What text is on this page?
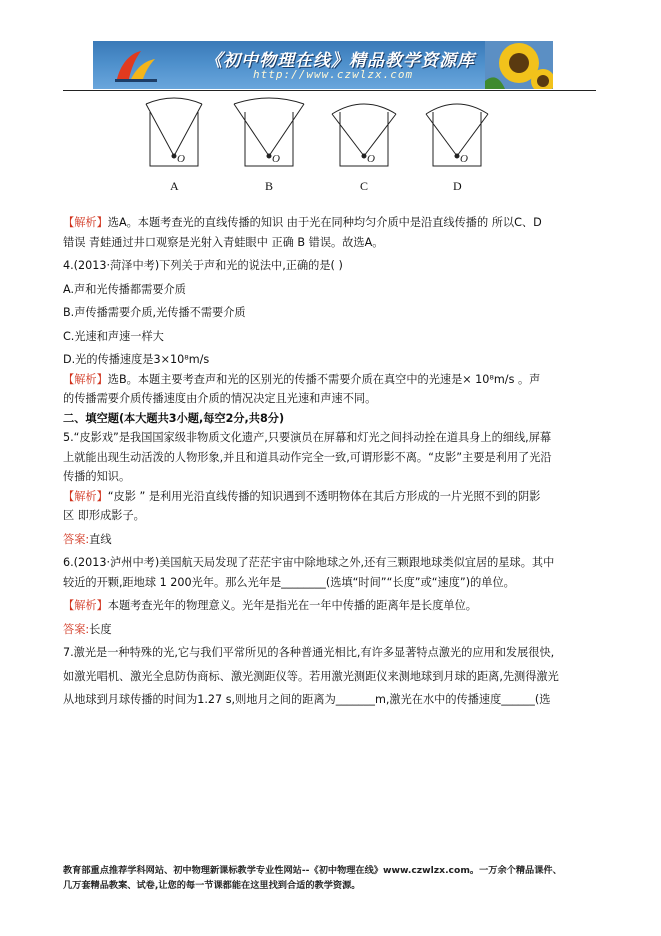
《初中物理在线》精品教学资源库
http://www.czwlzx.com
O	O	O	O
A	B	C	D

【解析】选A。本题考查光的直线传播的知识 由于光在同种均匀介质中是沿直线传播的 所以C、D

错误 青蛙通过井口观察是光射入青蛙眼中 正确 B 错误。故选A。

4.(2013·菏泽中考)下列关于声和光的说法中,正确的是( )

A.声和光传播都需要介质

B.声传播需要介质,光传播不需要介质

C.光速和声速一样大

D.光的传播速度是3×10⁸m/s

【解析】选B。本题主要考查声和光的区别光的传播不需要介质在真空中的光速是× 10⁸m/s 。声

的传播需要介质传播速度由介质的情况决定且光速和声速不同。

二、填空题(本大题共3小题,每空2分,共8分)

5.“皮影戏”是我国国家级非物质文化遗产,只要演员在屏幕和灯光之间抖动拴在道具身上的细线,屏幕

上就能出现生动活泼的人物形象,并且和道具动作完全一致,可谓形影不离。“皮影”主要是利用了光沿

传播的知识。

【解析】“皮影 ” 是利用光沿直线传播的知识遇到不透明物体在其后方形成的一片光照不到的阴影

区 即形成影子。

答案:直线

6.(2013·泸州中考)美国航天局发现了茫茫宇宙中除地球之外,还有三颗跟地球类似宜居的星球。其中

较近的开颗,距地球 1 200光年。那么光年是________(选填“时间”“长度”或“速度”)的单位。

【解析】本题考查光年的物理意义。光年是指光在一年中传播的距离年是长度单位。

答案:长度

7.激光是一种特殊的光,它与我们平常所见的各种普通光相比,有许多显著特点激光的应用和发展很快,

如激光唱机、激光全息防伪商标、激光测距仪等。若用激光测距仪来测地球到月球的距离,先测得激光

从地球到月球传播的时间为1.27 s,则地月之间的距离为_______m,激光在水中的传播速度______(选

教育部重点推荐学科网站、初中物理新课标教学专业性网站--《初中物理在线》www.czwlzx.com。一万余个精品课件、
几万套精品教案、试卷,让您的每一节课都能在这里找到合适的教学资源。
